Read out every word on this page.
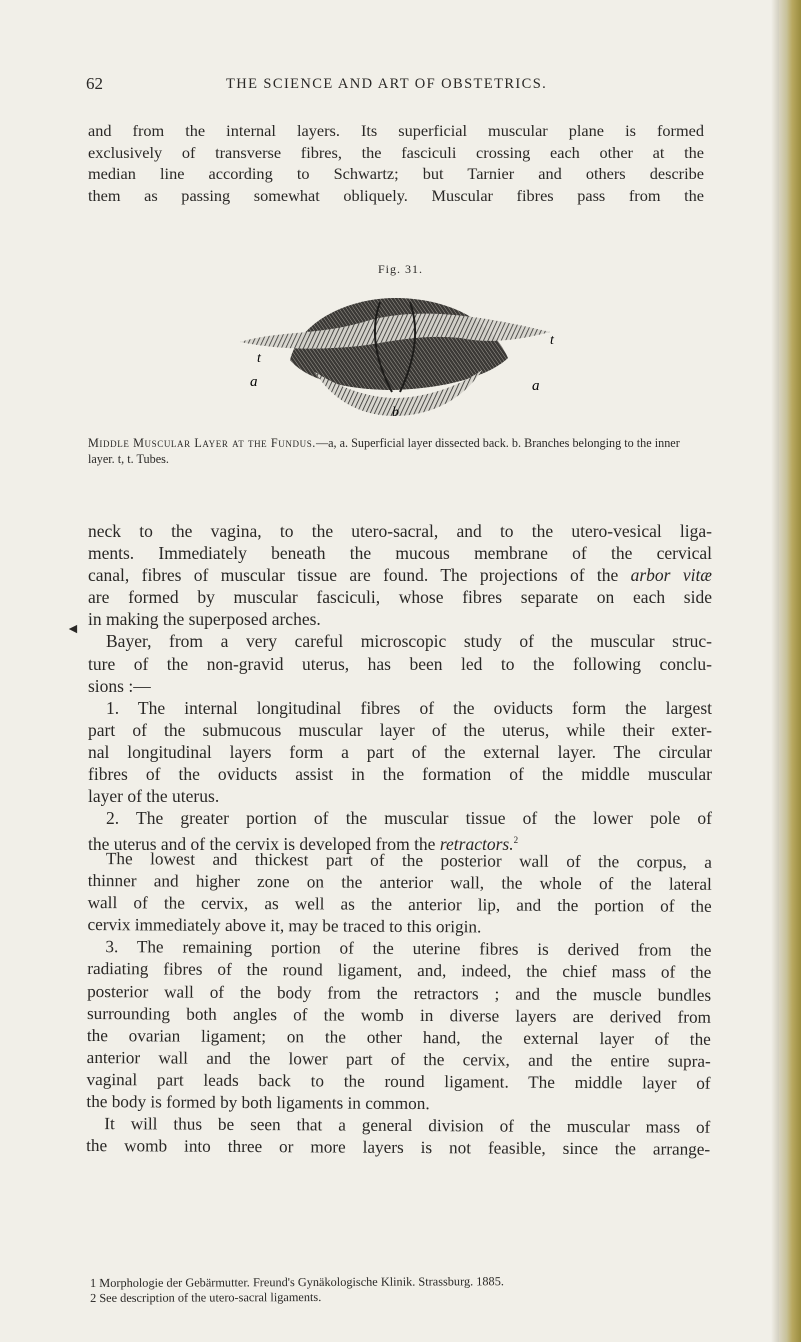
62	THE SCIENCE AND ART OF OBSTETRICS.
and from the internal layers. Its superficial muscular plane is formed
exclusively of transverse fibres, the fasciculi crossing each other at the
median line according to Schwartz; but Tarnier and others describe
them as passing somewhat obliquely. Muscular fibres pass from the
Fig. 31.
a	a
t
t
b

Middle Muscular Layer at the Fundus.—a, a. Superficial layer dissected back. b. Branches belonging to the inner layer. t, t. Tubes.

neck to the vagina, to the utero-sacral, and to the utero-vesical liga-
ments. Immediately beneath the mucous membrane of the cervical
canal, fibres of muscular tissue are found. The projections of the arbor vitæ
are formed by muscular fasciculi, whose fibres separate on each side
in making the superposed arches.
Bayer, from a very careful microscopic study of the muscular struc-
ture of the non-gravid uterus, has been led to the following conclu-
sions :—
1. The internal longitudinal fibres of the oviducts form the largest
part of the submucous muscular layer of the uterus, while their exter-
nal longitudinal layers form a part of the external layer. The circular
fibres of the oviducts assist in the formation of the middle muscular
layer of the uterus.
2. The greater portion of the muscular tissue of the lower pole of
the uterus and of the cervix is developed from the retractors.$^2$
◄
The lowest and thickest part of the posterior wall of the corpus, a
thinner and higher zone on the anterior wall, the whole of the lateral
wall of the cervix, as well as the anterior lip, and the portion of the
cervix immediately above it, may be traced to this origin.
3. The remaining portion of the uterine fibres is derived from the
radiating fibres of the round ligament, and, indeed, the chief mass of the
posterior wall of the body from the retractors ; and the muscle bundles
surrounding both angles of the womb in diverse layers are derived from
the ovarian ligament; on the other hand, the external layer of the
anterior wall and the lower part of the cervix, and the entire supra-
vaginal part leads back to the round ligament. The middle layer of
the body is formed by both ligaments in common.
It will thus be seen that a general division of the muscular mass of
the womb into three or more layers is not feasible, since the arrange-
1 Morphologie der Gebärmutter. Freund's Gynäkologische Klinik. Strassburg. 1885.
2 See description of the utero-sacral ligaments.
